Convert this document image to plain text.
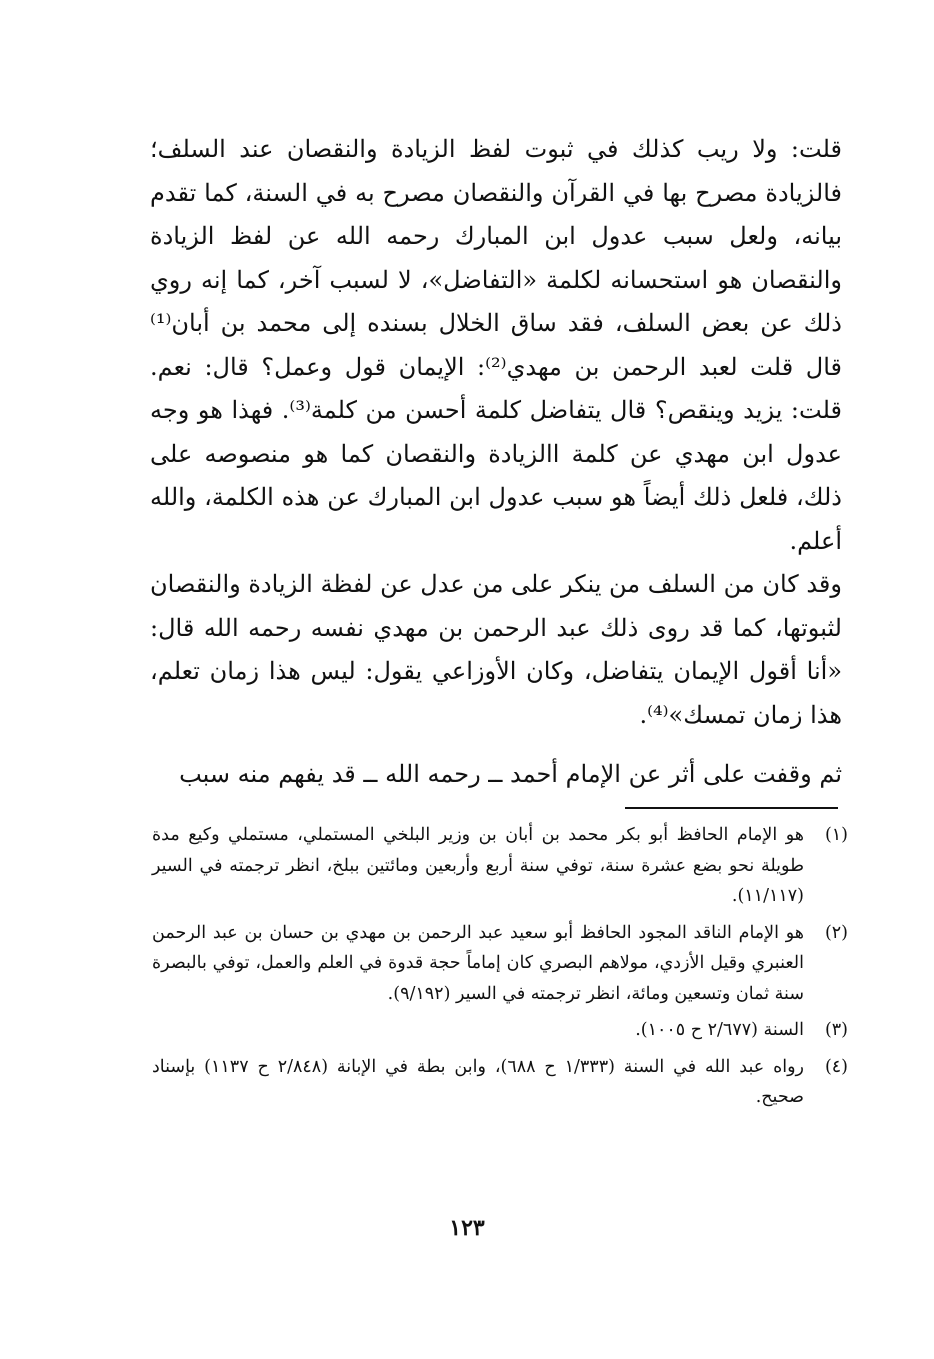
قلت: ولا ريب كذلك في ثبوت لفظ الزيادة والنقصان عند السلف؛ فالزيادة مصرح بها في القرآن والنقصان مصرح به في السنة، كما تقدم بيانه، ولعل سبب عدول ابن المبارك رحمه الله عن لفظ الزيادة والنقصان هو استحسانه لكلمة «التفاضل»، لا لسبب آخر، كما إنه روي ذلك عن بعض السلف، فقد ساق الخلال بسنده إلى محمد بن أبان⁽¹⁾ قال قلت لعبد الرحمن بن مهدي⁽²⁾: الإيمان قول وعمل؟ قال: نعم. قلت: يزيد وينقص؟ قال يتفاضل كلمة أحسن من كلمة⁽³⁾. فهذا هو وجه عدول ابن مهدي عن كلمة االزيادة والنقصان كما هو منصوصه على ذلك، فلعل ذلك أيضاً هو سبب عدول ابن المبارك عن هذه الكلمة، والله أعلم.

وقد كان من السلف من ينكر على من عدل عن لفظة الزيادة والنقصان لثبوتها، كما قد روى ذلك عبد الرحمن بن مهدي نفسه رحمه الله قال: «أنا أقول الإيمان يتفاضل، وكان الأوزاعي يقول: ليس هذا زمان تعلم، هذا زمان تمسك»⁽⁴⁾.

ثم وقفت على أثر عن الإمام أحمد ــ رحمه الله ــ قد يفهم منه سبب

(١)
هو الإمام الحافظ أبو بكر محمد بن أبان بن وزير البلخي المستملي، مستملي وكيع مدة طويلة نحو بضع عشرة سنة، توفي سنة أربع وأربعين ومائتين ببلخ، انظر ترجمته في السير (١١/١١٧).
(٢)
هو الإمام الناقد المجود الحافظ أبو سعيد عبد الرحمن بن مهدي بن حسان بن عبد الرحمن العنبري وقيل الأزدي، مولاهم البصري كان إماماً حجة قدوة في العلم والعمل، توفي بالبصرة سنة ثمان وتسعين ومائة، انظر ترجمته في السير (٩/١٩٢).
(٣)
السنة (٢/٦٧٧ ح ١٠٠٥).
(٤)
رواه عبد الله في السنة (١/٣٣٣ ح ٦٨٨)، وابن بطة في الإبانة (٢/٨٤٨ ح ١١٣٧) بإسناد صحيح.
١٢٣
